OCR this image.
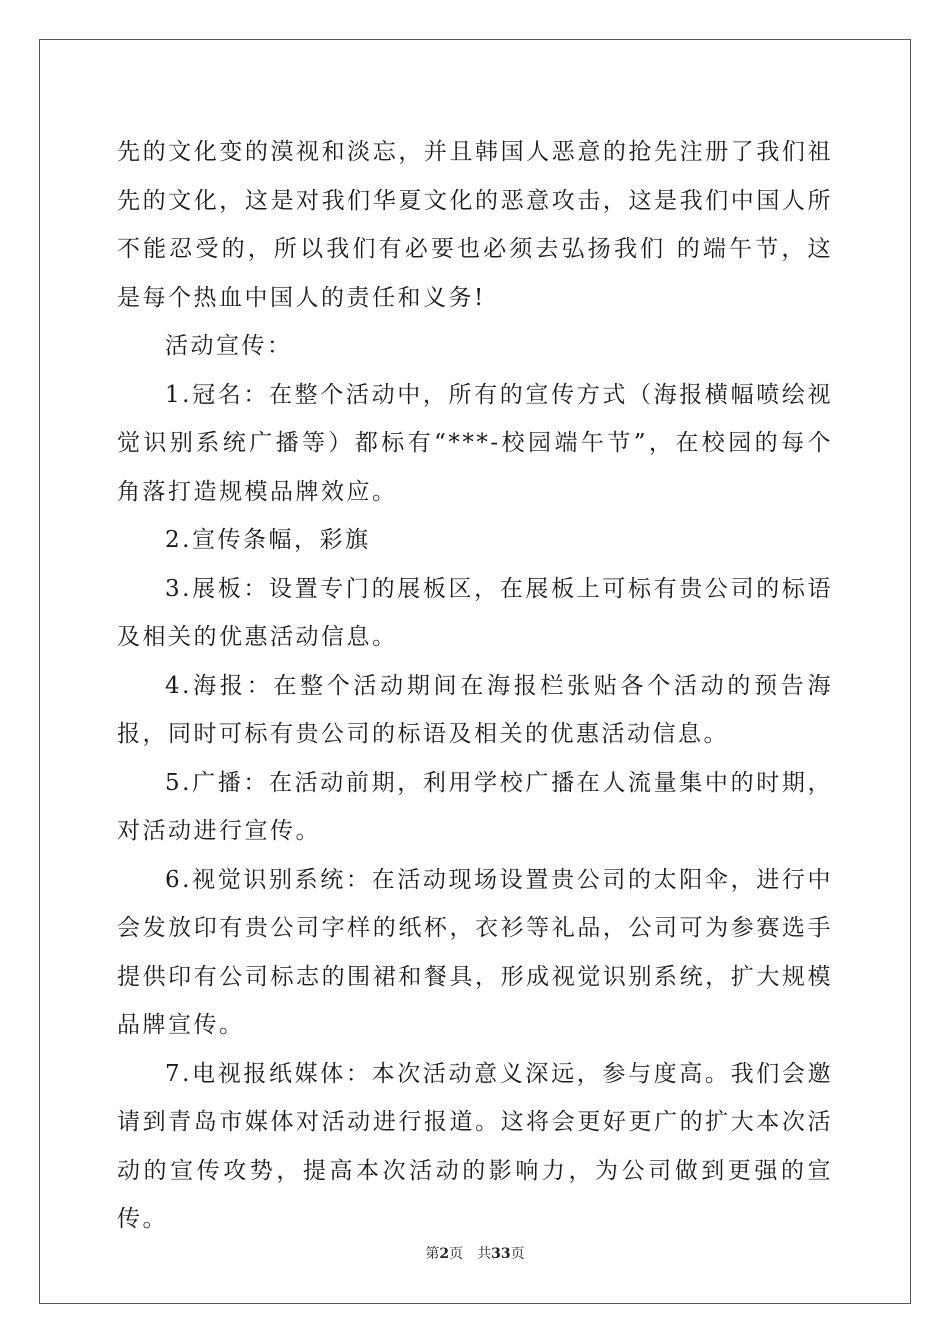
先的文化变的漠视和淡忘，并且韩国人恶意的抢先注册了我们祖先的文化，这是对我们华夏文化的恶意攻击，这是我们中国人所不能忍受的，所以我们有必要也必须去弘扬我们 的端午节，这是每个热血中国人的责任和义务!

活动宣传：

1.冠名：在整个活动中，所有的宣传方式（海报横幅喷绘视觉识别系统广播等）都标有“***-校园端午节”，在校园的每个角落打造规模品牌效应。

2.宣传条幅，彩旗

3.展板：设置专门的展板区，在展板上可标有贵公司的标语及相关的优惠活动信息。

4.海报：在整个活动期间在海报栏张贴各个活动的预告海报，同时可标有贵公司的标语及相关的优惠活动信息。

5.广播：在活动前期，利用学校广播在人流量集中的时期，对活动进行宣传。

6.视觉识别系统：在活动现场设置贵公司的太阳伞，进行中会发放印有贵公司字样的纸杯，衣衫等礼品，公司可为参赛选手提供印有公司标志的围裙和餐具，形成视觉识别系统，扩大规模品牌宣传。

7.电视报纸媒体：本次活动意义深远，参与度高。我们会邀请到青岛市媒体对活动进行报道。这将会更好更广的扩大本次活动的宣传攻势，提高本次活动的影响力，为公司做到更强的宣传。

第2页 共33页
